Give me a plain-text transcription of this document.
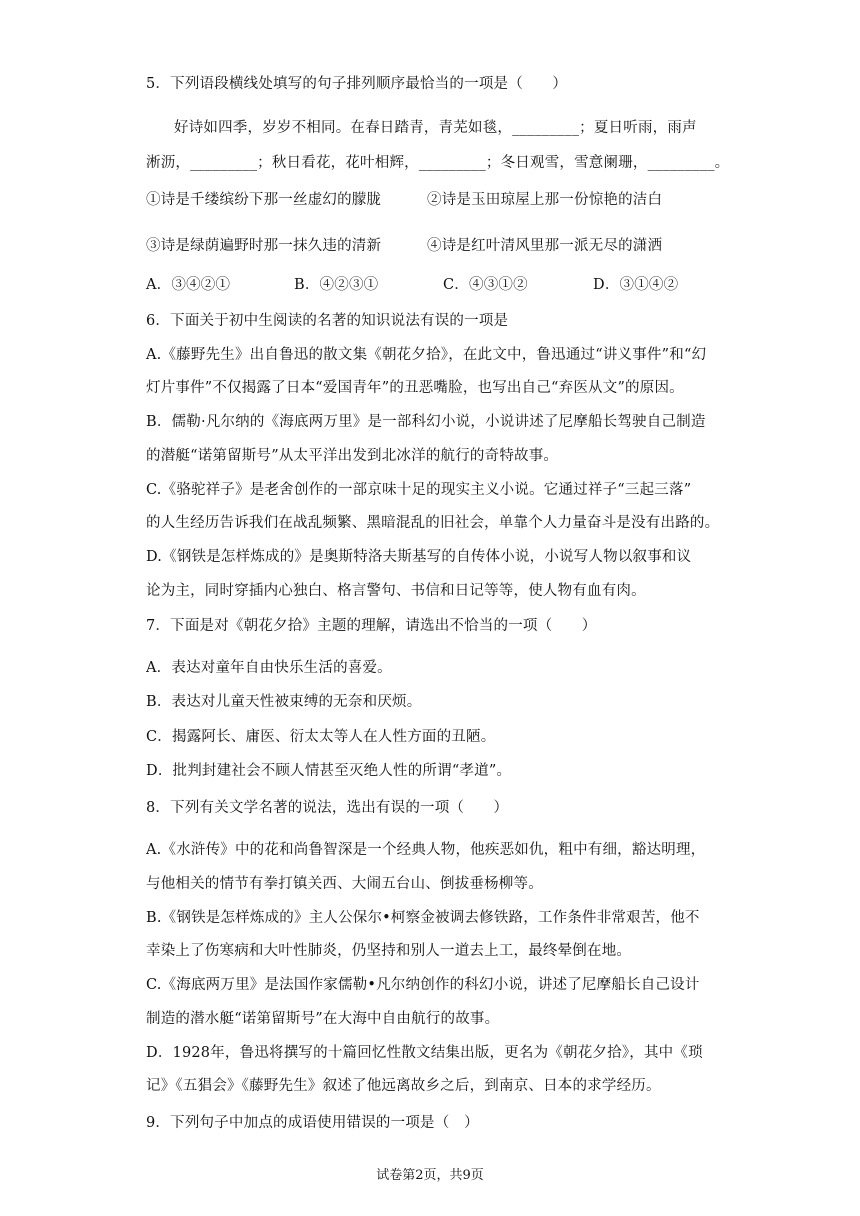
5．下列语段横线处填写的句子排列顺序最恰当的一项是（　　）
好诗如四季，岁岁不相同。在春日踏青，青芜如毯，_________；夏日听雨，雨声
淅沥，_________；秋日看花，花叶相辉，_________；冬日观雪，雪意阑珊，_________。
①诗是千缕缤纷下那一丝虚幻的朦胧	②诗是玉田琼屋上那一份惊艳的洁白
③诗是绿荫遍野时那一抹久违的清新	④诗是红叶清风里那一派无尽的潇洒
A．③④②①	B．④②③①	C．④③①②	D．③①④②
6．下面关于初中生阅读的名著的知识说法有误的一项是
A.《藤野先生》出自鲁迅的散文集《朝花夕拾》，在此文中，鲁迅通过“讲义事件”和“幻
灯片事件”不仅揭露了日本“爱国青年”的丑恶嘴脸，也写出自己“弃医从文”的原因。
B．儒勒·凡尔纳的《海底两万里》是一部科幻小说，小说讲述了尼摩船长驾驶自己制造
的潜艇“诺第留斯号”从太平洋出发到北冰洋的航行的奇特故事。
C.《骆驼祥子》是老舍创作的一部京味十足的现实主义小说。它通过祥子“三起三落”
的人生经历告诉我们在战乱频繁、黑暗混乱的旧社会，单靠个人力量奋斗是没有出路的。
D.《钢铁是怎样炼成的》是奥斯特洛夫斯基写的自传体小说，小说写人物以叙事和议
论为主，同时穿插内心独白、格言警句、书信和日记等等，使人物有血有肉。
7．下面是对《朝花夕拾》主题的理解，请选出不恰当的一项（　　）
A．表达对童年自由快乐生活的喜爱。
B．表达对儿童天性被束缚的无奈和厌烦。
C．揭露阿长、庸医、衍太太等人在人性方面的丑陋。
D．批判封建社会不顾人情甚至灭绝人性的所谓“孝道”。
8．下列有关文学名著的说法，选出有误的一项（　　）
A.《水浒传》中的花和尚鲁智深是一个经典人物，他疾恶如仇，粗中有细，豁达明理，
与他相关的情节有拳打镇关西、大闹五台山、倒拔垂杨柳等。
B.《钢铁是怎样炼成的》主人公保尔•柯察金被调去修铁路，工作条件非常艰苦，他不
幸染上了伤寒病和大叶性肺炎，仍坚持和别人一道去上工，最终晕倒在地。
C.《海底两万里》是法国作家儒勒•凡尔纳创作的科幻小说，讲述了尼摩船长自己设计
制造的潜水艇“诺第留斯号”在大海中自由航行的故事。
D．1928年，鲁迅将撰写的十篇回忆性散文结集出版，更名为《朝花夕拾》，其中《琐
记》《五猖会》《藤野先生》叙述了他远离故乡之后，到南京、日本的求学经历。
9．下列句子中加点的成语使用错误的一项是（　）
试卷第2页，共9页
